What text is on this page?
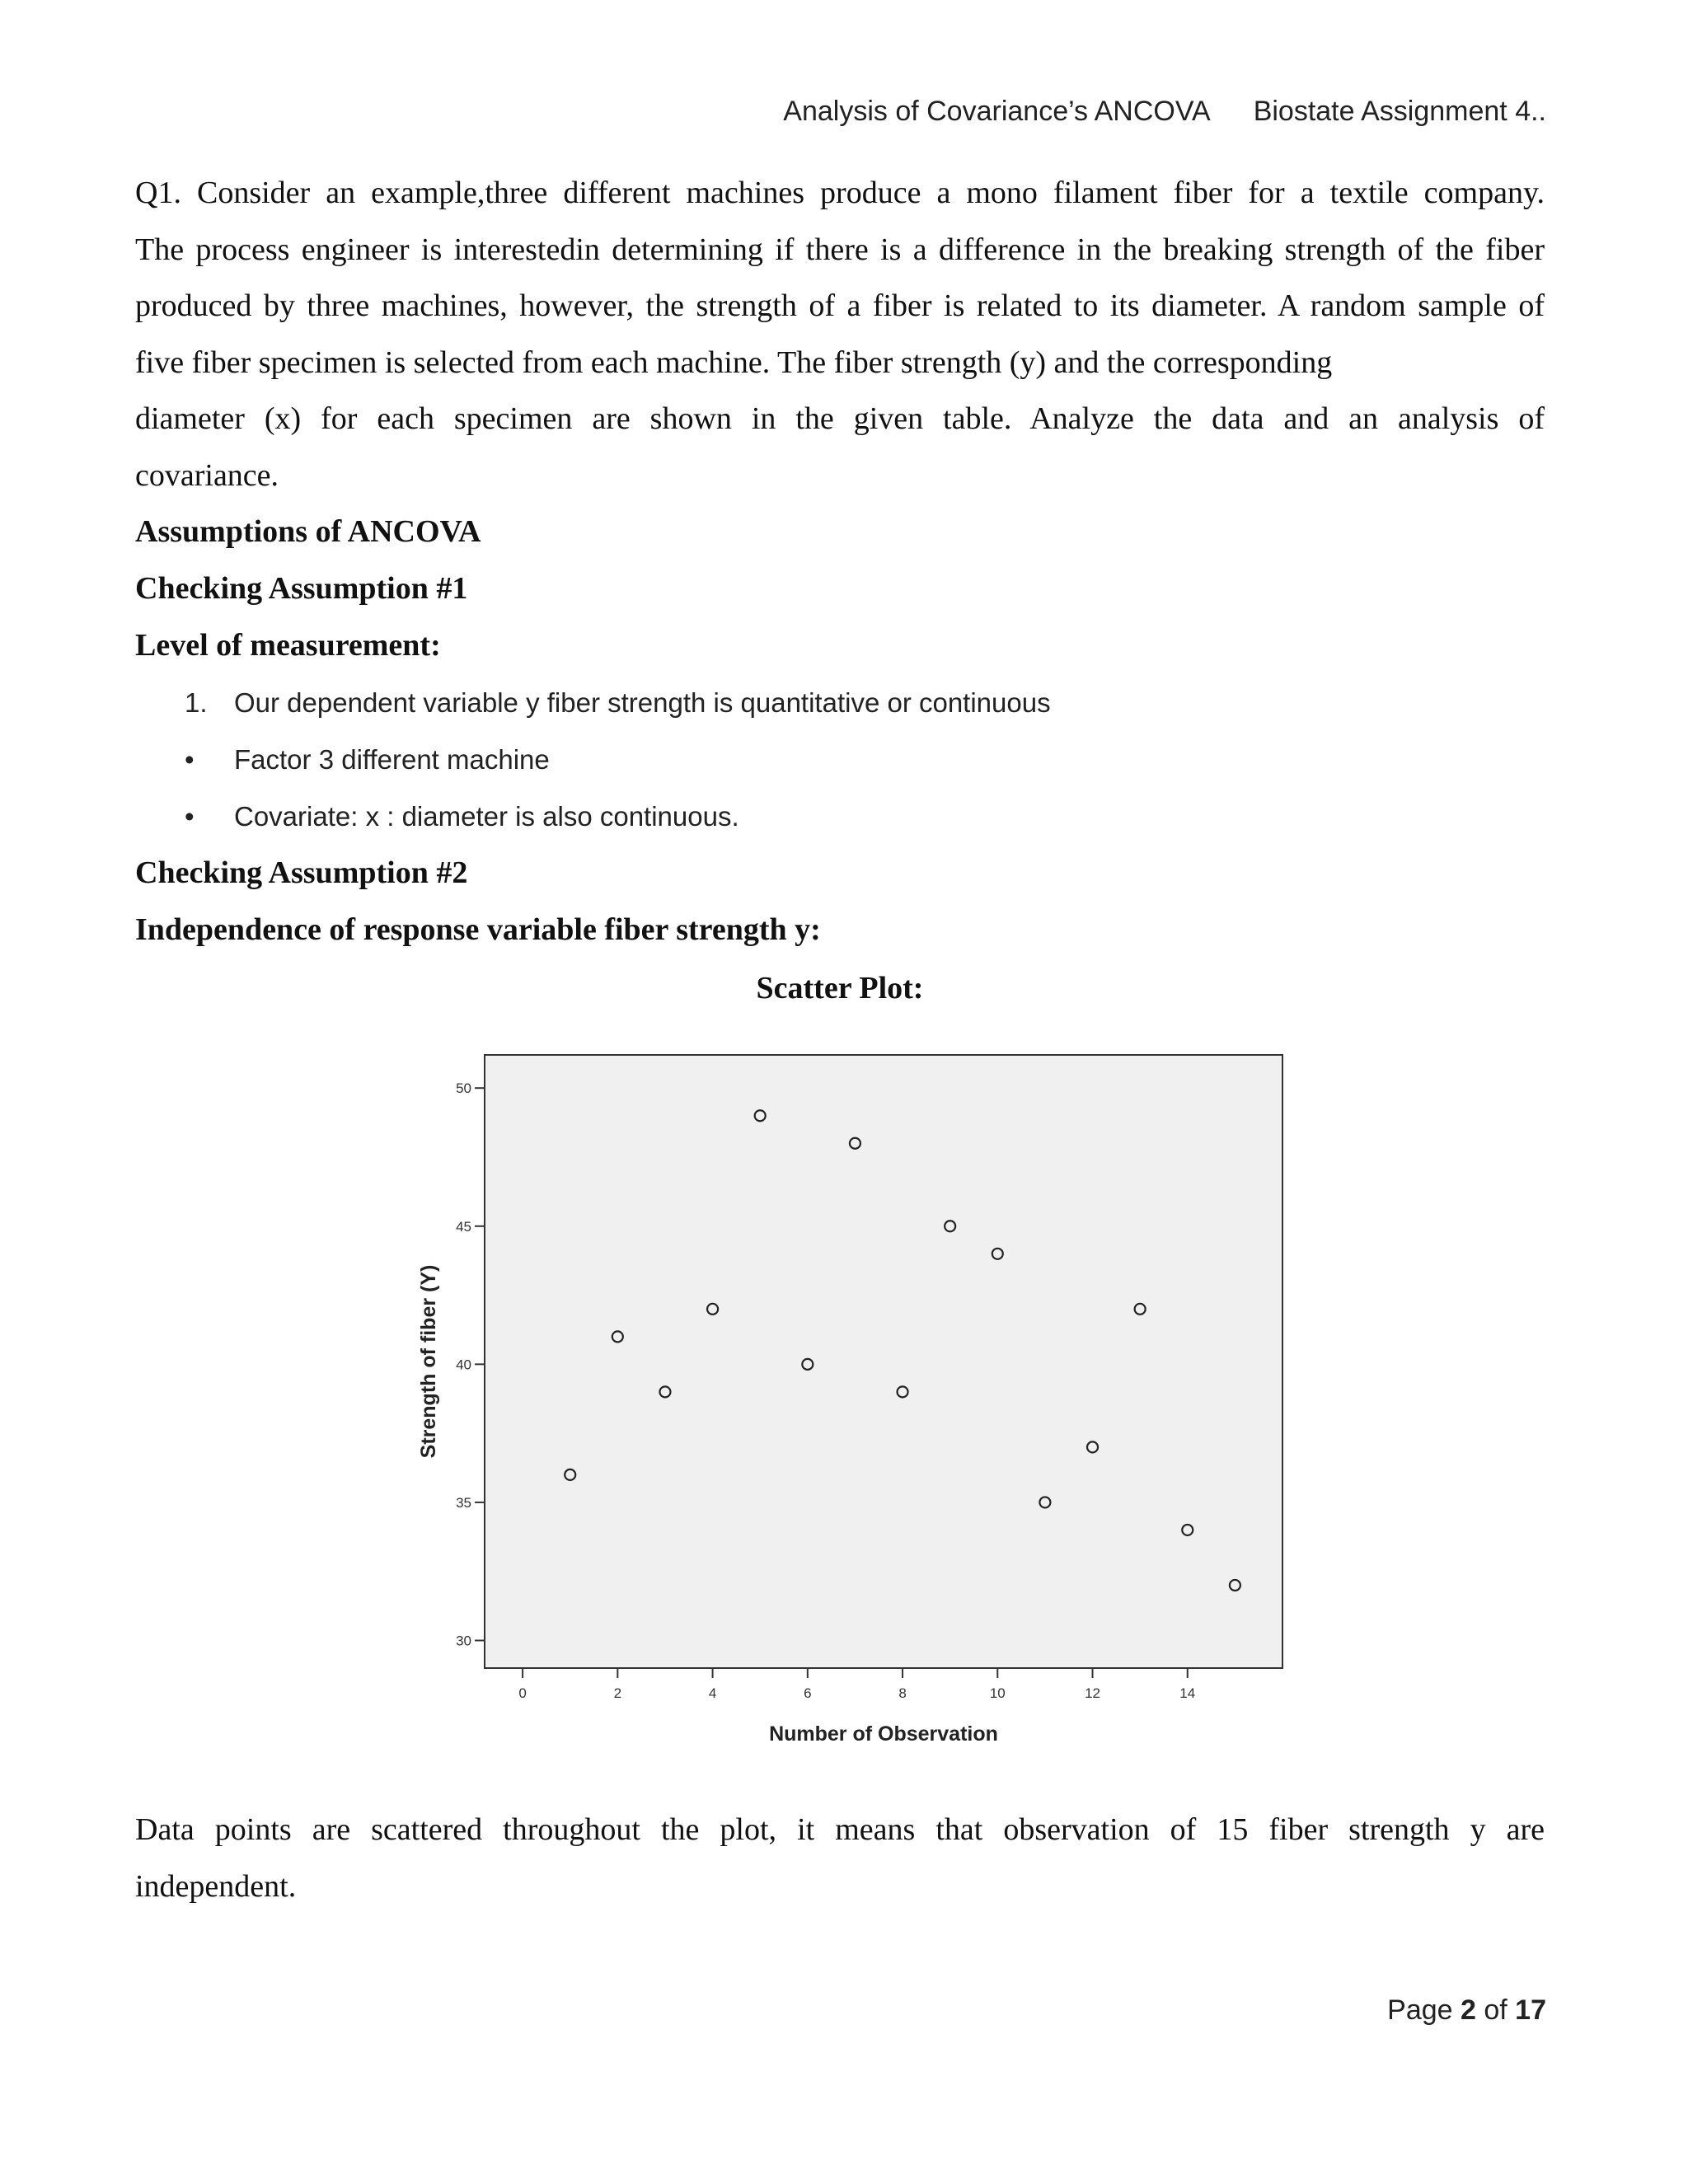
Analysis of Covariance’s ANCOVA Biostate Assignment 4..

Q1. Consider an example,three different machines produce a mono filament fiber for a textile company.

The process engineer is interestedin determining if there is a difference in the breaking strength of the fiber

produced by three machines, however, the strength of a fiber is related to its diameter. A random sample of

five fiber specimen is selected from each machine. The fiber strength (y) and the corresponding

diameter (x) for each specimen are shown in the given table. Analyze the data and an analysis of

covariance.

Assumptions of ANCOVA

Checking Assumption #1

Level of measurement:

1. Our dependent variable y fiber strength is quantitative or continuous
• Factor 3 different machine
• Covariate: x : diameter is also continuous.

Checking Assumption #2

Independence of response variable fiber strength y:

Scatter Plot:

30
35
40
45
50
0	2	4	6	8	10	12	14
Number of Observation
Strength of fiber (Y)

Data points are scattered throughout the plot, it means that observation of 15 fiber strength y are

independent.

Page 2 of 17
